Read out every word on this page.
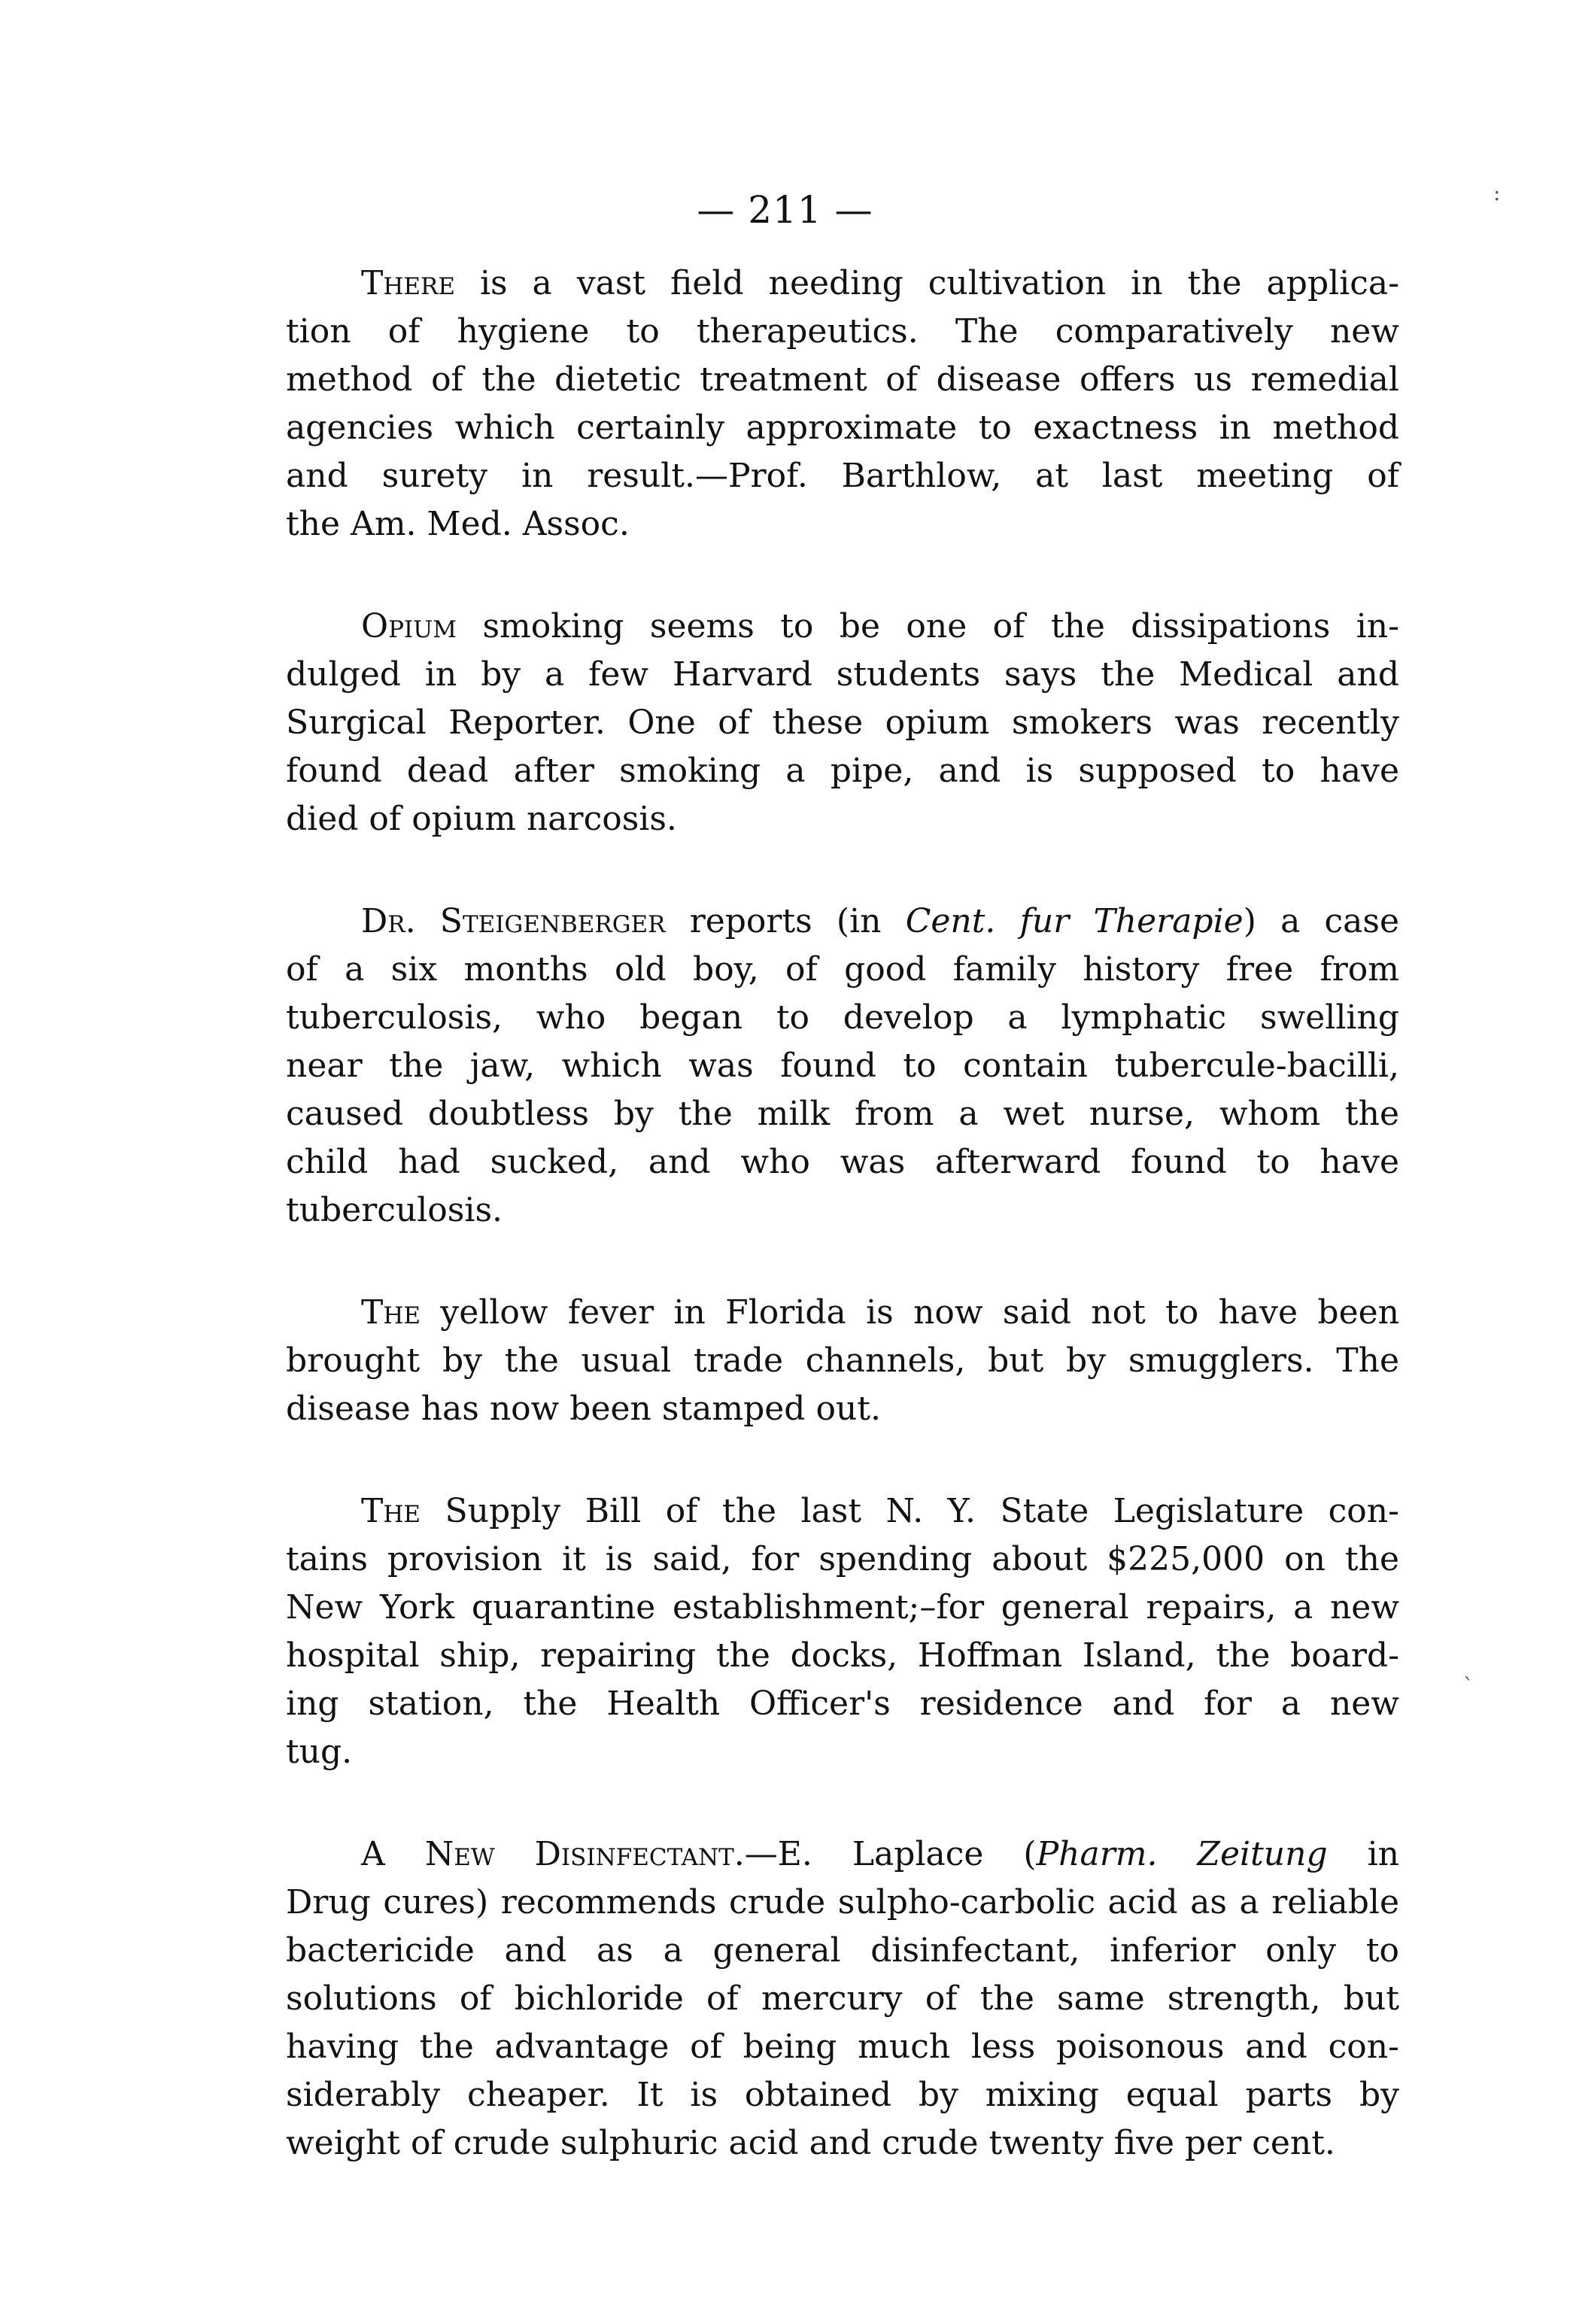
— 211 —

There is a vast field needing cultivation in the applica-
tion of hygiene to therapeutics. The comparatively new
method of the dietetic treatment of disease offers us remedial
agencies which certainly approximate to exactness in method
and surety in result.—Prof. Barthlow, at last meeting of
the Am. Med. Assoc.

Opium smoking seems to be one of the dissipations in-
dulged in by a few Harvard students says the Medical and
Surgical Reporter. One of these opium smokers was recently
found dead after smoking a pipe, and is supposed to have
died of opium narcosis.

Dr. Steigenberger reports (in Cent. fur Therapie) a case
of a six months old boy, of good family history free from
tuberculosis, who began to develop a lymphatic swelling
near the jaw, which was found to contain tubercule-bacilli,
caused doubtless by the milk from a wet nurse, whom the
child had sucked, and who was afterward found to have
tuberculosis.

The yellow fever in Florida is now said not to have been
brought by the usual trade channels, but by smugglers. The
disease has now been stamped out.

The Supply Bill of the last N. Y. State Legislature con-
tains provision it is said, for spending about $225,000 on the
New York quarantine establishment;–for general repairs, a new
hospital ship, repairing the docks, Hoffman Island, the board-
ing station, the Health Officer's residence and for a new
tug.

A New Disinfectant.—E. Laplace (Pharm. Zeitung in
Drug cures) recommends crude sulpho-carbolic acid as a reliable
bactericide and as a general disinfectant, inferior only to
solutions of bichloride of mercury of the same strength, but
having the advantage of being much less poisonous and con-
siderably cheaper. It is obtained by mixing equal parts by
weight of crude sulphuric acid and crude twenty five per cent.

:
`
